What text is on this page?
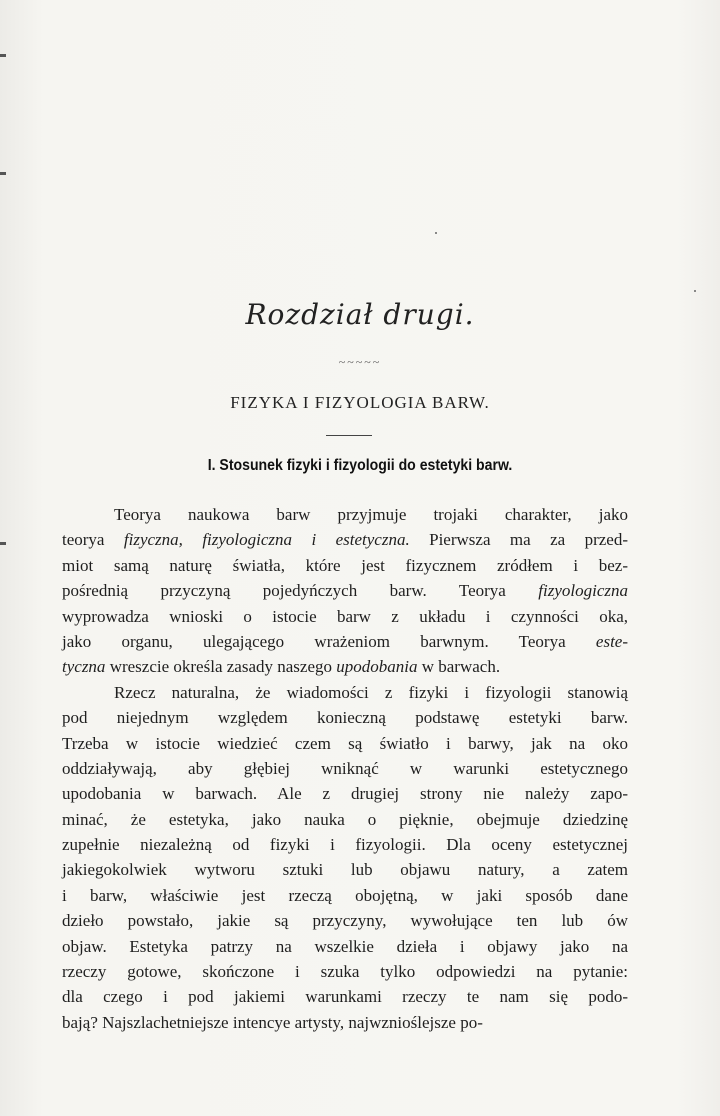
Rozdział drugi.
~~~~~
FIZYKA I FIZYOLOGIA BARW.
I. Stosunek fizyki i fizyologii do estetyki barw.
Teorya naukowa barw przyjmuje trojaki charakter, jako
teorya fizyczna, fizyologiczna i estetyczna. Pierwsza ma za przed-
miot samą naturę światła, które jest fizycznem zródłem i bez-
pośrednią przyczyną pojedyńczych barw. Teorya fizyologiczna
wyprowadza wnioski o istocie barw z układu i czynności oka,
jako organu, ulegającego wrażeniom barwnym. Teorya este-
tyczna wreszcie określa zasady naszego upodobania w barwach.
Rzecz naturalna, że wiadomości z fizyki i fizyologii stanowią
pod niejednym względem konieczną podstawę estetyki barw.
Trzeba w istocie wiedzieć czem są światło i barwy, jak na oko
oddziaływają, aby głębiej wniknąć w warunki estetycznego
upodobania w barwach. Ale z drugiej strony nie należy zapo-
minać, że estetyka, jako nauka o pięknie, obejmuje dziedzinę
zupełnie niezależną od fizyki i fizyologii. Dla oceny estetycznej
jakiegokolwiek wytworu sztuki lub objawu natury, a zatem
i barw, właściwie jest rzeczą obojętną, w jaki sposób dane
dzieło powstało, jakie są przyczyny, wywołujące ten lub ów
objaw. Estetyka patrzy na wszelkie dzieła i objawy jako na
rzeczy gotowe, skończone i szuka tylko odpowiedzi na pytanie:
dla czego i pod jakiemi warunkami rzeczy te nam się podo-
bają? Najszlachetniejsze intencye artysty, najwznioślejsze po-
